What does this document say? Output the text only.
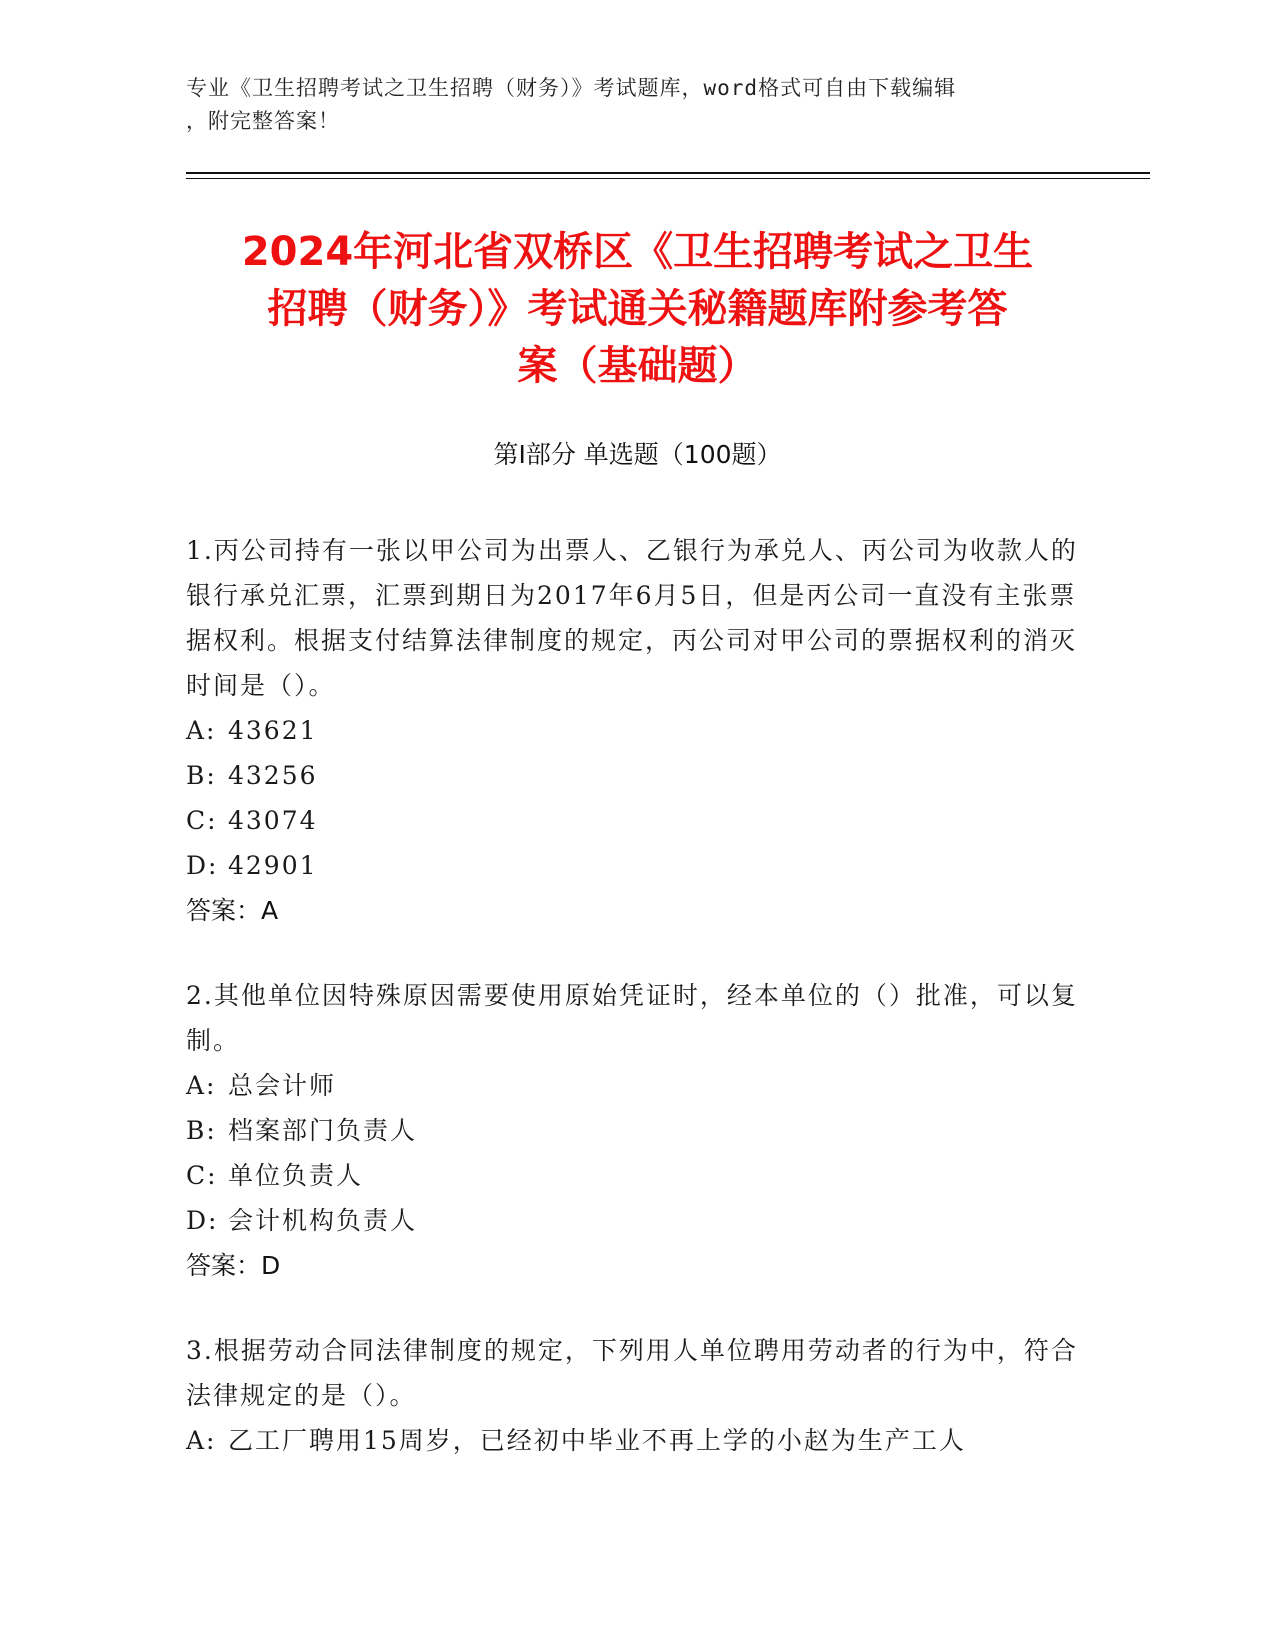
专业《卫生招聘考试之卫生招聘（财务）》考试题库，word格式可自由下载编辑
，附完整答案！
2024年河北省双桥区《卫生招聘考试之卫生
招聘（财务）》考试通关秘籍题库附参考答
案（基础题）
第Ⅰ部分 单选题（100题）

1.丙公司持有一张以甲公司为出票人、乙银行为承兑人、丙公司为收款人的银行承兑汇票，汇票到期日为2017年6月5日，但是丙公司一直没有主张票据权利。根据支付结算法律制度的规定，丙公司对甲公司的票据权利的消灭时间是（）。

A: 43621
B: 43256
C: 43074
D: 42901

答案：A

2.其他单位因特殊原因需要使用原始凭证时，经本单位的（）批准，可以复制。

A: 总会计师
B: 档案部门负责人
C: 单位负责人
D: 会计机构负责人

答案：D

3.根据劳动合同法律制度的规定，下列用人单位聘用劳动者的行为中，符合法律规定的是（）。

A: 乙工厂聘用15周岁，已经初中毕业不再上学的小赵为生产工人
